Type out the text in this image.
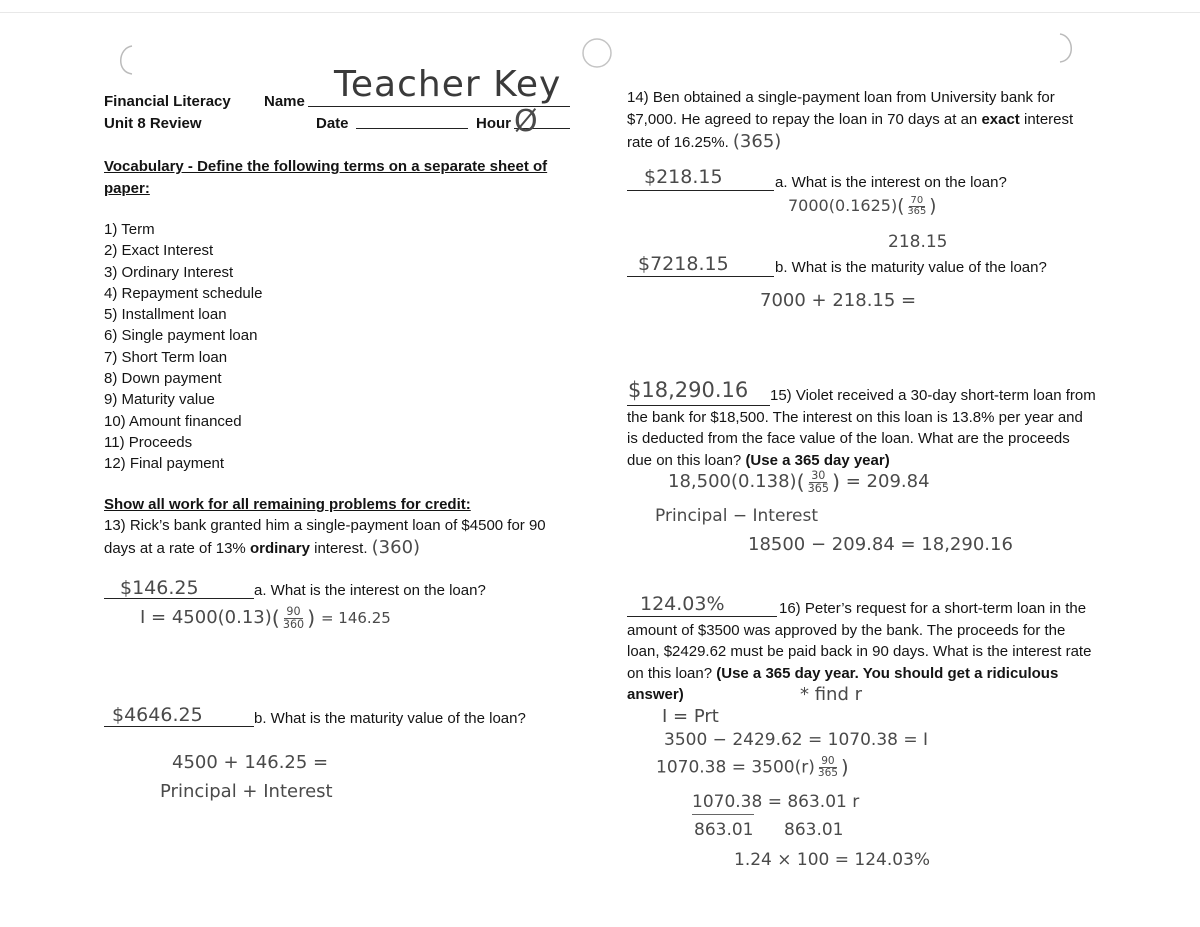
Financial Literacy
Unit 8 Review
Name Teacher Key
Date	Hour Ø
Vocabulary - Define the following terms on a separate sheet of paper:
1) Term
2) Exact Interest
3) Ordinary Interest
4) Repayment schedule
5) Installment loan
6) Single payment loan
7) Short Term loan
8) Down payment
9) Maturity value
10) Amount financed
11) Proceeds
12) Final payment
Show all work for all remaining problems for credit:
13) Rick’s bank granted him a single-payment loan of $4500 for 90 days at a rate of 13% ordinary interest. (360)
$146.25	a. What is the interest on the loan?
$I = 4500(0.13)( \frac{90}{360}$ ) = 146.25
$4646.25	b. What is the maturity value of the loan?
4500 + 146.25 =
Principal + Interest
14) Ben obtained a single-payment loan from University bank for $7,000. He agreed to repay the loan in 70 days at an exact interest rate of 16.25%. (365)
$218.15	a. What is the interest on the loan?
$7000(0.1625)( \frac{70}{365}$ )
218.15
$7218.15	b. What is the maturity value of the loan?
7000 + 218.15 =
$18,290.16	15) Violet received a 30-day short-term loan from the bank for $18,500. The interest on this loan is 13.8% per year and is deducted from the face value of the loan. What are the proceeds due on this loan? (Use a 365 day year)
$18,500(0.138)( \frac{30}{365}$ ) = 209.84
Principal − Interest
18500 − 209.84 = 18,290.16
124.03%	16) Peter’s request for a short-term loan in the amount of $3500 was approved by the bank. The proceeds for the loan, $2429.62 must be paid back in 90 days. What is the interest rate on this loan? (Use a 365 day year. You should get a ridiculous answer)	* find r
I = Prt
3500 − 2429.62 = 1070.38 = I
$1070.38 = 3500(r) \frac{90}{365}$ )
1070.38 = 863.01 r
863.01 863.01
1.24 × 100 = 124.03%
